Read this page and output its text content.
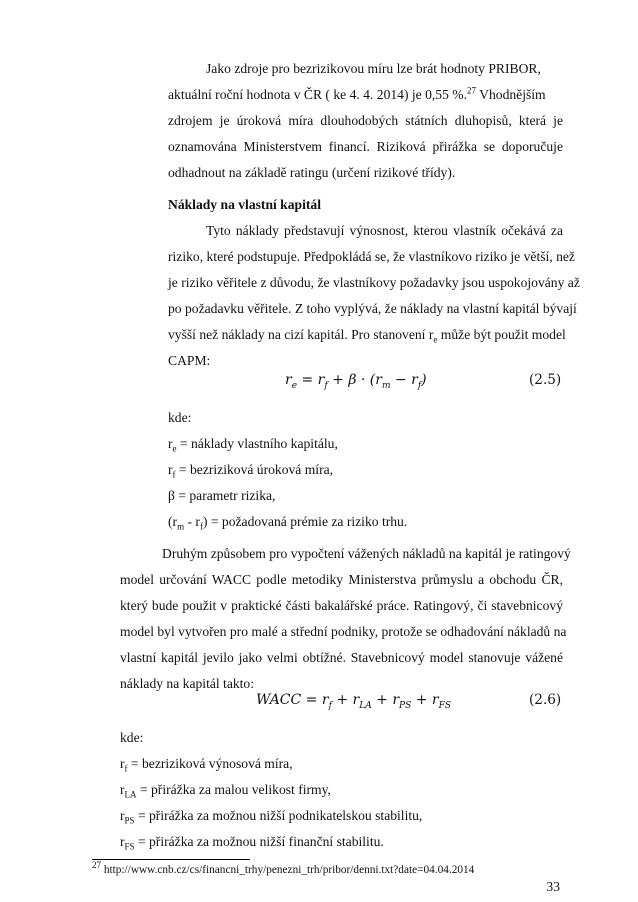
Jako zdroje pro bezrizikovou míru lze brát hodnoty PRIBOR,
aktuální roční hodnota v ČR ( ke 4. 4. 2014) je 0,55 %.$^{27}$ Vhodnějším
zdrojem je úroková míra dlouhodobých státních dluhopisů, která je
oznamována Ministerstvem financí. Riziková přirážka se doporučuje
odhadnout na základě ratingu (určení rizikové třídy).
Náklady na vlastní kapitál
Tyto náklady představují výnosnost, kterou vlastník očekává za
riziko, které podstupuje. Předpokládá se, že vlastníkovo riziko je větší, než
je riziko věřitele z důvodu, že vlastníkovy požadavky jsou uspokojovány až
po požadavku věřitele. Z toho vyplývá, že náklady na vlastní kapitál bývají
vyšší než náklady na cizí kapitál. Pro stanovení $r_e$ může být použit model
CAPM:
$r_e = r_f + \beta \cdot (r_m - r_f)$	(2.5)
kde:
$r_e$ = náklady vlastního kapitálu,
$r_f$ = bezriziková úroková míra,
β = parametr rizika,
$(r_m - r_f)$ = požadovaná prémie za riziko trhu.
Druhým způsobem pro vypočtení vážených nákladů na kapitál je ratingový
model určování WACC podle metodiky Ministerstva průmyslu a obchodu ČR,
který bude použit v praktické části bakalářské práce. Ratingový, či stavebnicový
model byl vytvořen pro malé a střední podniky, protože se odhadování nákladů na
vlastní kapitál jevilo jako velmi obtížné. Stavebnicový model stanovuje vážené
náklady na kapitál takto:
WACC = $r_f + r_{LA} + r_{PS} + r_{FS}$	(2.6)
kde:
$r_f$ = bezriziková výnosová míra,
$r_{LA}$ = přirážka za malou velikost firmy,
$r_{PS}$ = přirážka za možnou nižší podnikatelskou stabilitu,
$r_{FS}$ = přirážka za možnou nižší finanční stabilitu.
$^{27}$ http://www.cnb.cz/cs/financni_trhy/penezni_trh/pribor/denni.txt?date=04.04.2014
33
